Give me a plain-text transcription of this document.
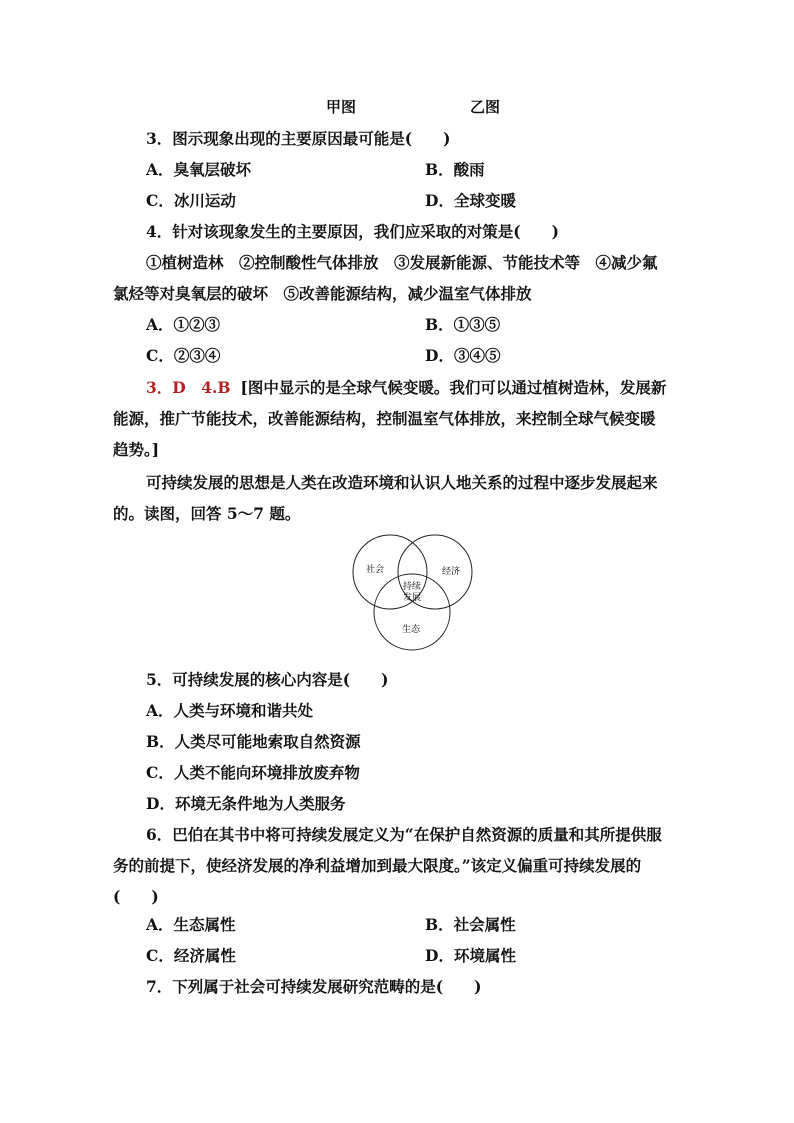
甲图	乙图
3．图示现象出现的主要原因最可能是(　　)
A．臭氧层破坏	B．酸雨
C．冰川运动	D．全球变暖
4．针对该现象发生的主要原因，我们应采取的对策是(　　)
①植树造林　②控制酸性气体排放　③发展新能源、节能技术等　④减少氟
氯烃等对臭氧层的破坏　⑤改善能源结构，减少温室气体排放
A．①②③	B．①③⑤
C．②③④	D．③④⑤
3．D　4.B [图中显示的是全球气候变暖。我们可以通过植树造林，发展新
能源，推广节能技术，改善能源结构，控制温室气体排放，来控制全球气候变暖
趋势。]
可持续发展的思想是人类在改造环境和认识人地关系的过程中逐步发展起来
的。读图，回答 5～7 题。
社会	经济
持续
发展
生态
5．可持续发展的核心内容是(　　)
A．人类与环境和谐共处
B．人类尽可能地索取自然资源
C．人类不能向环境排放废弃物
D．环境无条件地为人类服务
6．巴伯在其书中将可持续发展定义为“在保护自然资源的质量和其所提供服
务的前提下，使经济发展的净利益增加到最大限度。”该定义偏重可持续发展的
(　　)
A．生态属性	B．社会属性
C．经济属性	D．环境属性
7．下列属于社会可持续发展研究范畴的是(　　)
